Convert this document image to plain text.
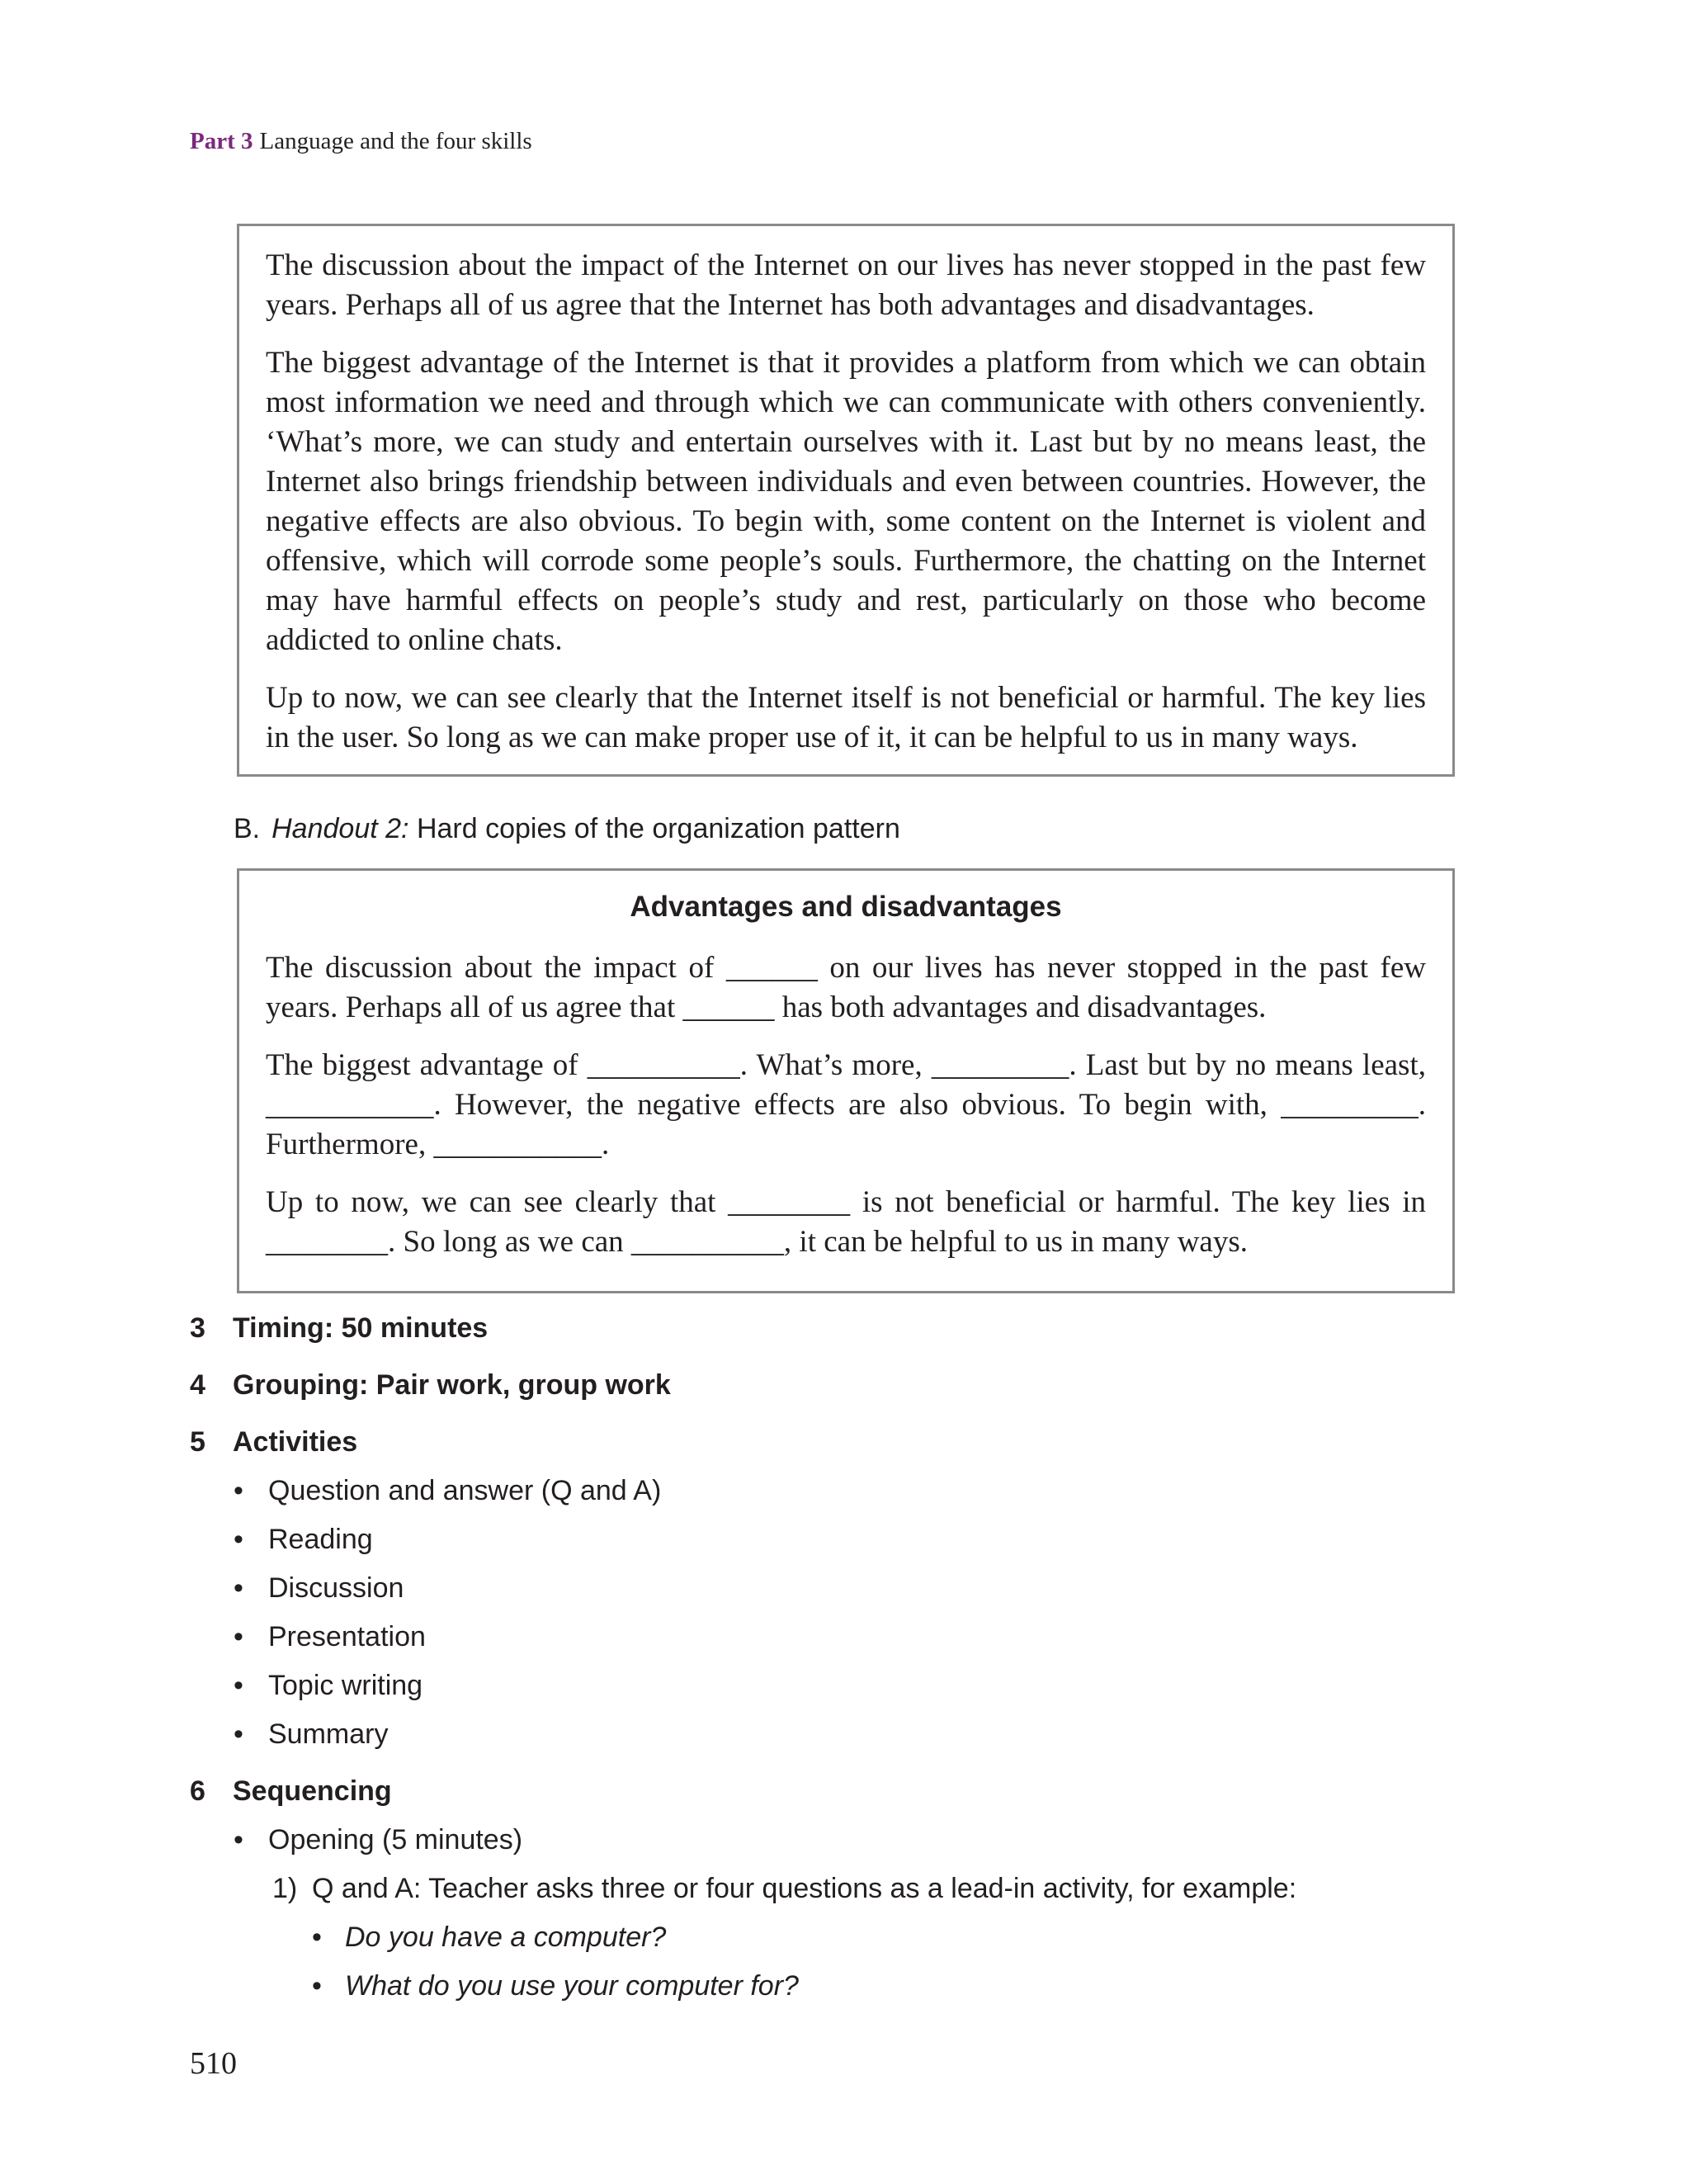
Part 3 Language and the four skills

The discussion about the impact of the Internet on our lives has never stopped in the past few years. Perhaps all of us agree that the Internet has both advantages and disadvantages.

The biggest advantage of the Internet is that it provides a platform from which we can obtain most information we need and through which we can communicate with others conveniently. ‘What’s more, we can study and entertain ourselves with it. Last but by no means least, the Internet also brings friendship between individuals and even between countries. However, the negative effects are also obvious. To begin with, some content on the Internet is violent and offensive, which will corrode some people’s souls. Furthermore, the chatting on the Internet may have harmful effects on people’s study and rest, particularly on those who become addicted to online chats.

Up to now, we can see clearly that the Internet itself is not beneficial or harmful. The key lies in the user. So long as we can make proper use of it, it can be helpful to us in many ways.

B. Handout 2: Hard copies of the organization pattern
Advantages and disadvantages

The discussion about the impact of ______ on our lives has never stopped in the past few years. Perhaps all of us agree that ______ has both advantages and disadvantages.

The biggest advantage of __________. What’s more, _________. Last but by no means least, ___________. However, the negative effects are also obvious. To begin with, _________. Furthermore, ___________.

Up to now, we can see clearly that ________ is not beneficial or harmful. The key lies in ________. So long as we can __________, it can be helpful to us in many ways.

3 Timing: 50 minutes
4 Grouping: Pair work, group work
5 Activities
• Question and answer (Q and A)
• Reading
• Discussion
• Presentation
• Topic writing
• Summary
6 Sequencing
• Opening (5 minutes)
1) Q and A: Teacher asks three or four questions as a lead-in activity, for example:
• Do you have a computer?
• What do you use your computer for?
510
